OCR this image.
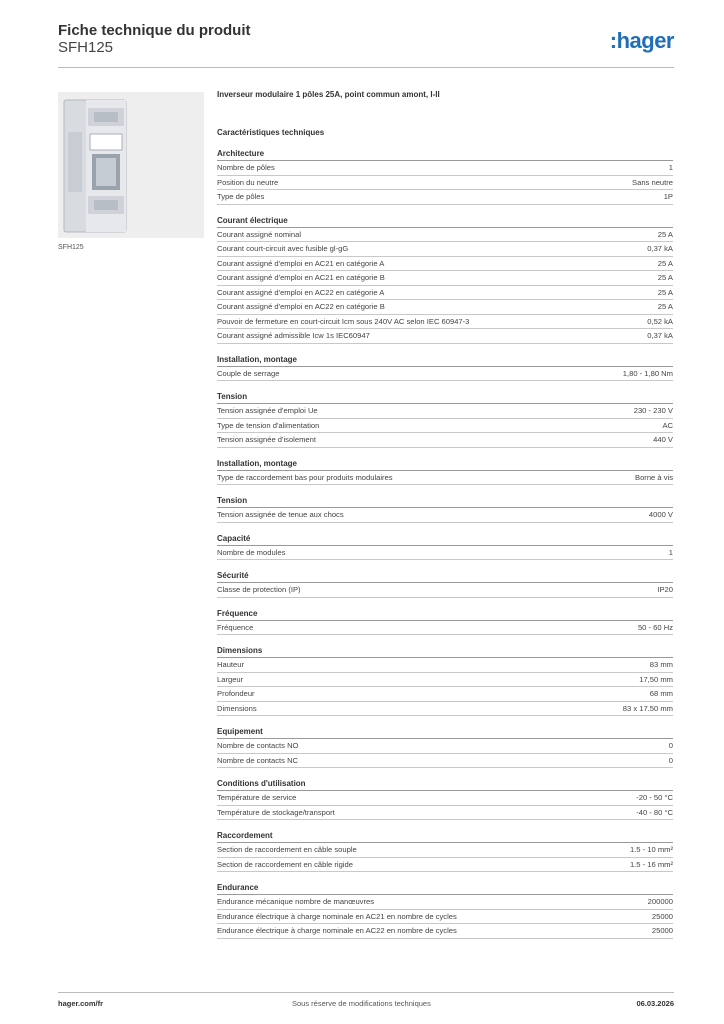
Fiche technique du produit
SFH125	:hager
SFH125
Inverseur modulaire 1 pôles 25A, point commun amont, I-II
Caractéristiques techniques
Architecture
Nombre de pôles	1
Position du neutre	Sans neutre
Type de pôles	1P
Courant électrique
Courant assigné nominal	25 A
Courant court-circuit avec fusible gl-gG	0,37 kA
Courant assigné d'emploi en AC21 en catégorie A	25 A
Courant assigné d'emploi en AC21 en catégorie B	25 A
Courant assigné d'emploi en AC22 en catégorie A	25 A
Courant assigné d'emploi en AC22 en catégorie B	25 A
Pouvoir de fermeture en court-circuit Icm sous 240V AC selon IEC 60947-3	0,52 kA
Courant assigné admissible Icw 1s IEC60947	0,37 kA
Installation, montage
Couple de serrage	1,80 - 1,80 Nm
Tension
Tension assignée d'emploi Ue	230 - 230 V
Type de tension d'alimentation	AC
Tension assignée d'isolement	440 V
Installation, montage
Type de raccordement bas pour produits modulaires	Borne à vis
Tension
Tension assignée de tenue aux chocs	4000 V
Capacité
Nombre de modules	1
Sécurité
Classe de protection (IP)	IP20
Fréquence
Fréquence	50 - 60 Hz
Dimensions
Hauteur	83 mm
Largeur	17,50 mm
Profondeur	68 mm
Dimensions	83 x 17.50 mm
Equipement
Nombre de contacts NO	0
Nombre de contacts NC	0
Conditions d'utilisation
Température de service	-20 - 50 °C
Température de stockage/transport	-40 - 80 °C
Raccordement
Section de raccordement en câble souple	1.5 - 10 mm²
Section de raccordement en câble rigide	1.5 - 16 mm²
Endurance
Endurance mécanique nombre de manœuvres	200000
Endurance électrique à charge nominale en AC21 en nombre de cycles	25000
Endurance électrique à charge nominale en AC22 en nombre de cycles	25000
hager.com/fr	Sous réserve de modifications techniques	06.03.2026
